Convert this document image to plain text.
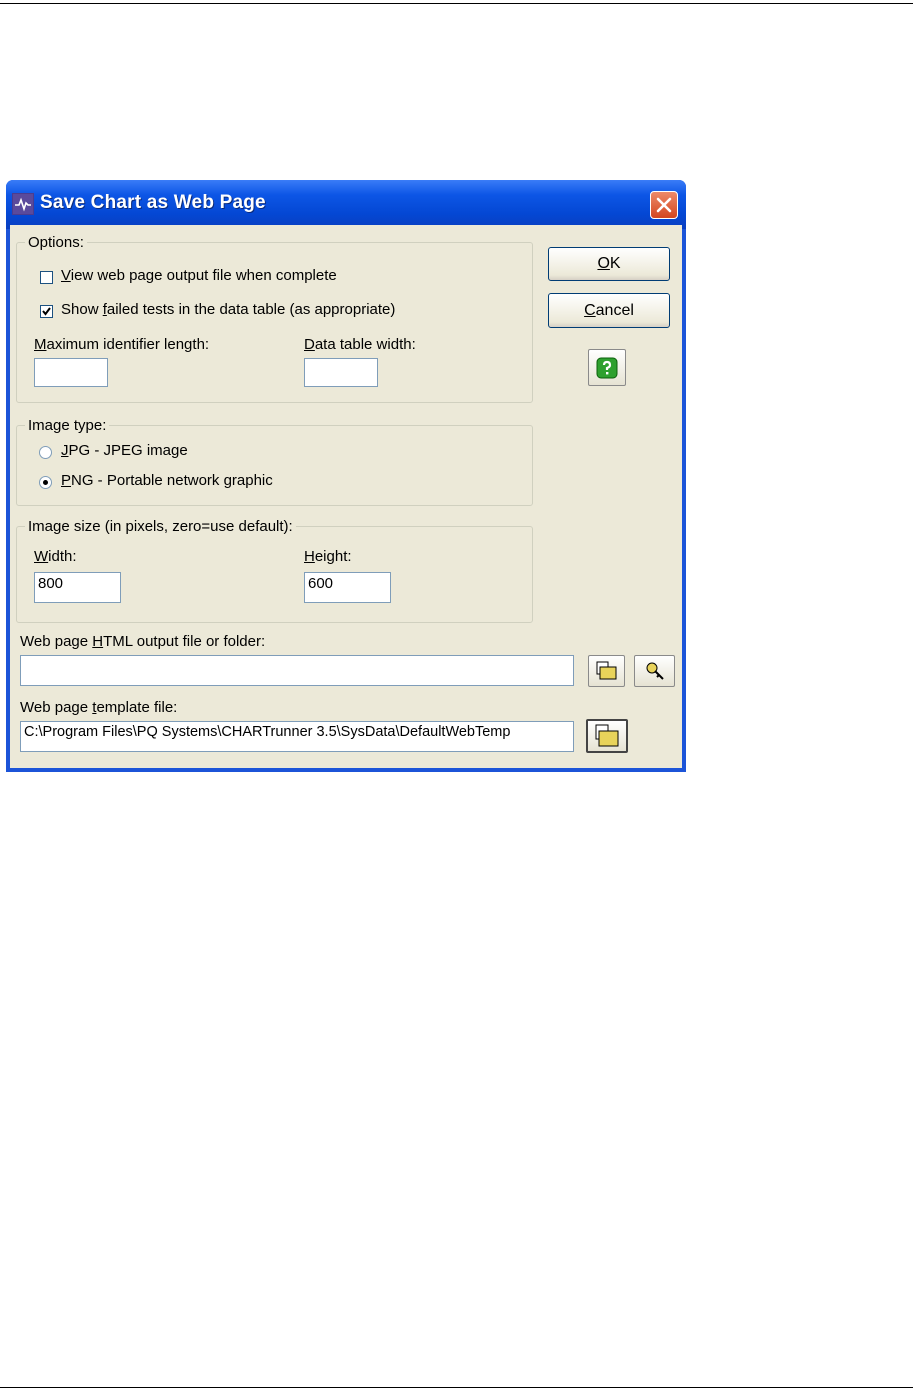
Save Chart as Web Page
Options:
View web page output file when complete
Show failed tests in the data table (as appropriate)
Maximum identifier length:	Data table width:
Image type:
JPG - JPEG image
PNG - Portable network graphic
Image size (in pixels, zero=use default):
Width:
800
Height:
600
Web page HTML output file or folder:
Web page template file:
C:\Program Files\PQ Systems\CHARTrunner 3.5\SysData\DefaultWebTemp
OK
Cancel
